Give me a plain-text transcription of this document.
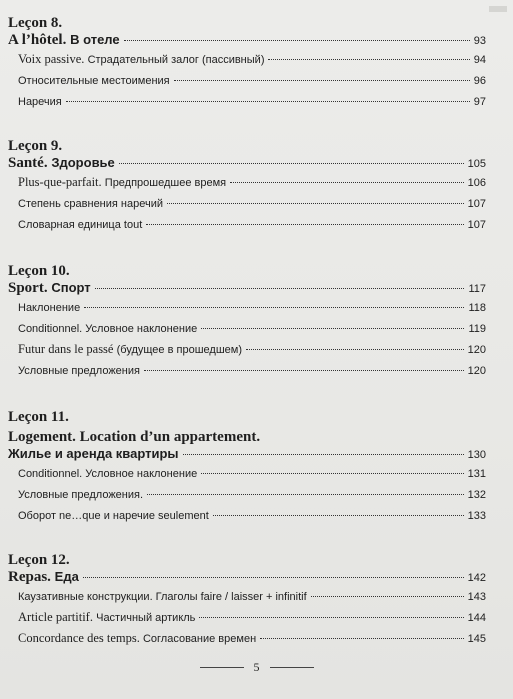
Leçon 8.
A l’hôtel. В отеле	93
Voix passive. Страдательный залог (пассивный)	94
Относительные местоимения	96
Наречия	97
Leçon 9.
Santé. Здоровье	105
Plus-que-parfait. Предпрошедшее время	106
Степень сравнения наречий	107
Словарная единица tout	107
Leçon 10.
Sport. Спорт	117
Наклонение	118
Conditionnel. Условное наклонение	119
Futur dans le passé (будущее в прошедшем)	120
Условные предложения	120
Leçon 11.
Logement. Location d’un appartement.
Жилье и аренда квартиры	130
Conditionnel. Условное наклонение	131
Условные предложения.	132
Оборот ne…que и наречие seulement	133
Leçon 12.
Repas. Еда	142
Каузативные конструкции. Глаголы faire / laisser + infinitif	143
Article partitif. Частичный артикль	144
Concordance des temps. Согласование времен	145
5
